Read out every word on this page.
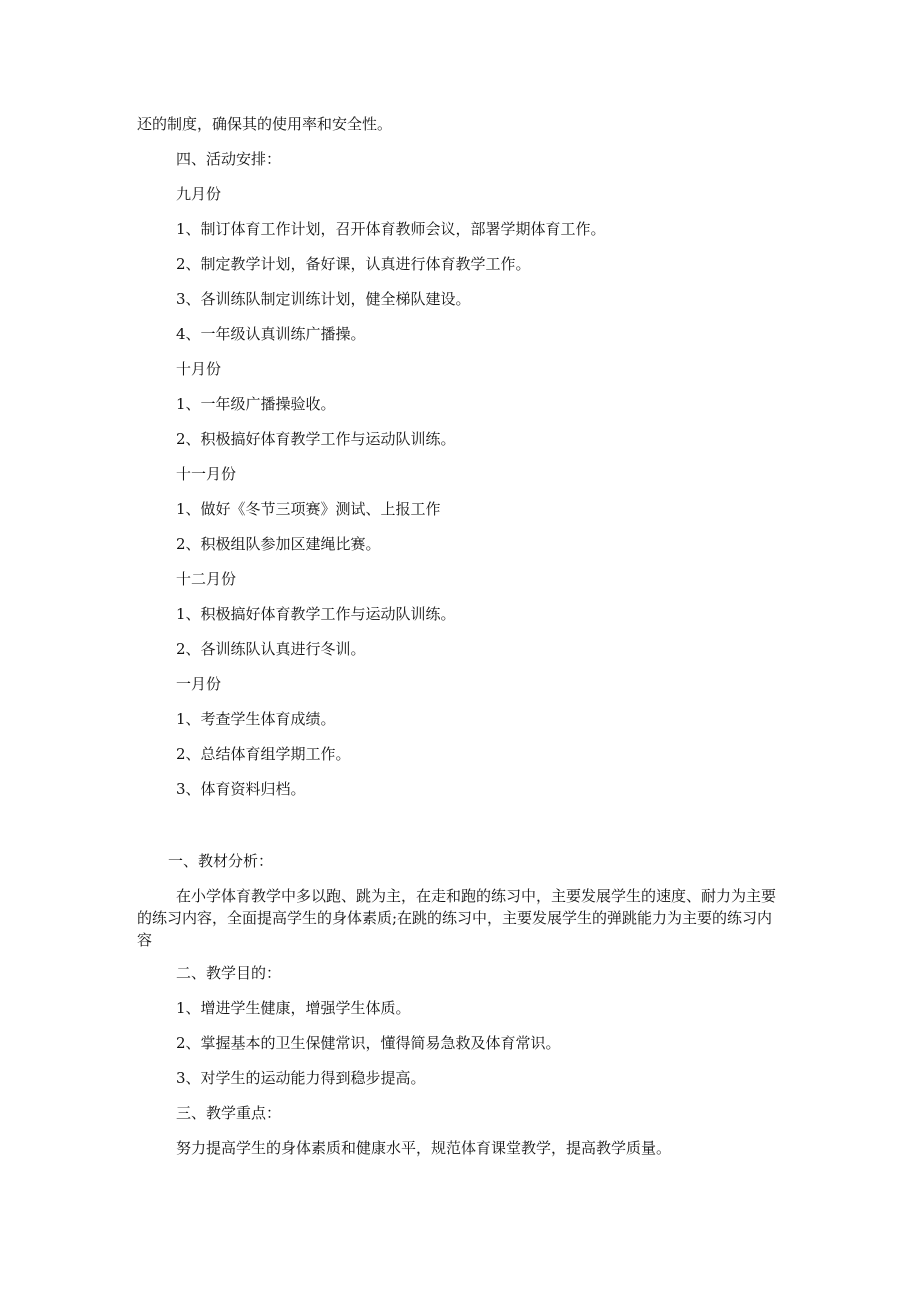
还的制度，确保其的使用率和安全性。

四、活动安排：

九月份

1、制订体育工作计划，召开体育教师会议，部署学期体育工作。

2、制定教学计划，备好课，认真进行体育教学工作。

3、各训练队制定训练计划，健全梯队建设。

4、一年级认真训练广播操。

十月份

1、一年级广播操验收。

2、积极搞好体育教学工作与运动队训练。

十一月份

1、做好《冬节三项赛》测试、上报工作

2、积极组队参加区建绳比赛。

十二月份

1、积极搞好体育教学工作与运动队训练。

2、各训练队认真进行冬训。

一月份

1、考查学生体育成绩。

2、总结体育组学期工作。

3、体育资料归档。

一、教材分析：

在小学体育教学中多以跑、跳为主，在走和跑的练习中，主要发展学生的速度、耐力为主要的练习内容，全面提高学生的身体素质;在跳的练习中，主要发展学生的弹跳能力为主要的练习内容

二、教学目的：

1、增进学生健康，增强学生体质。

2、掌握基本的卫生保健常识，懂得简易急救及体育常识。

3、对学生的运动能力得到稳步提高。

三、教学重点：

努力提高学生的身体素质和健康水平，规范体育课堂教学，提高教学质量。
